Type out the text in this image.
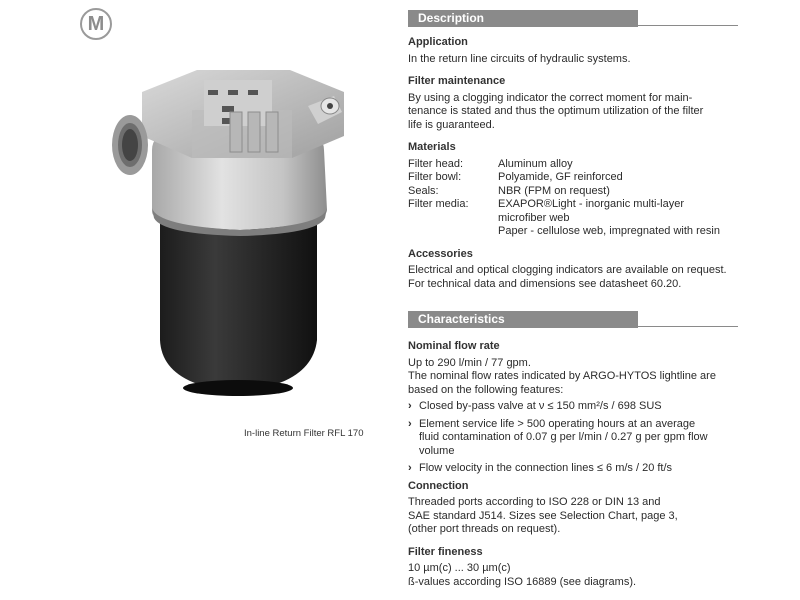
M
In-line Return Filter RFL 170
Description
Application

In the return line circuits of hydraulic systems.

Filter maintenance

By using a clogging indicator the correct moment for main-
tenance is stated and thus the optimum utilization of the filter
life is guaranteed.

Materials
Filter head:	Aluminum alloy
Filter bowl:	Polyamide, GF reinforced
Seals:	NBR (FPM on request)
Filter media:	EXAPOR®Light - inorganic multi-layer
microfiber web
Paper - cellulose web, impregnated with resin
Accessories

Electrical and optical clogging indicators are available on request.
For technical data and dimensions see datasheet 60.20.

Characteristics
Nominal flow rate

Up to 290 l/min / 77 gpm.
The nominal flow rates indicated by ARGO-HYTOS lightline are
based on the following features:

› Closed by-pass valve at ν ≤ 150 mm²/s / 698 SUS
› Element service life > 500 operating hours at an average
fluid contamination of 0.07 g per l/min / 0.27 g per gpm flow
volume
› Flow velocity in the connection lines ≤ 6 m/s / 20 ft/s
Connection

Threaded ports according to ISO 228 or DIN 13 and
SAE standard J514. Sizes see Selection Chart, page 3,
(other port threads on request).

Filter fineness

10 µm(c) ... 30 µm(c)
ß-values according ISO 16889 (see diagrams).
